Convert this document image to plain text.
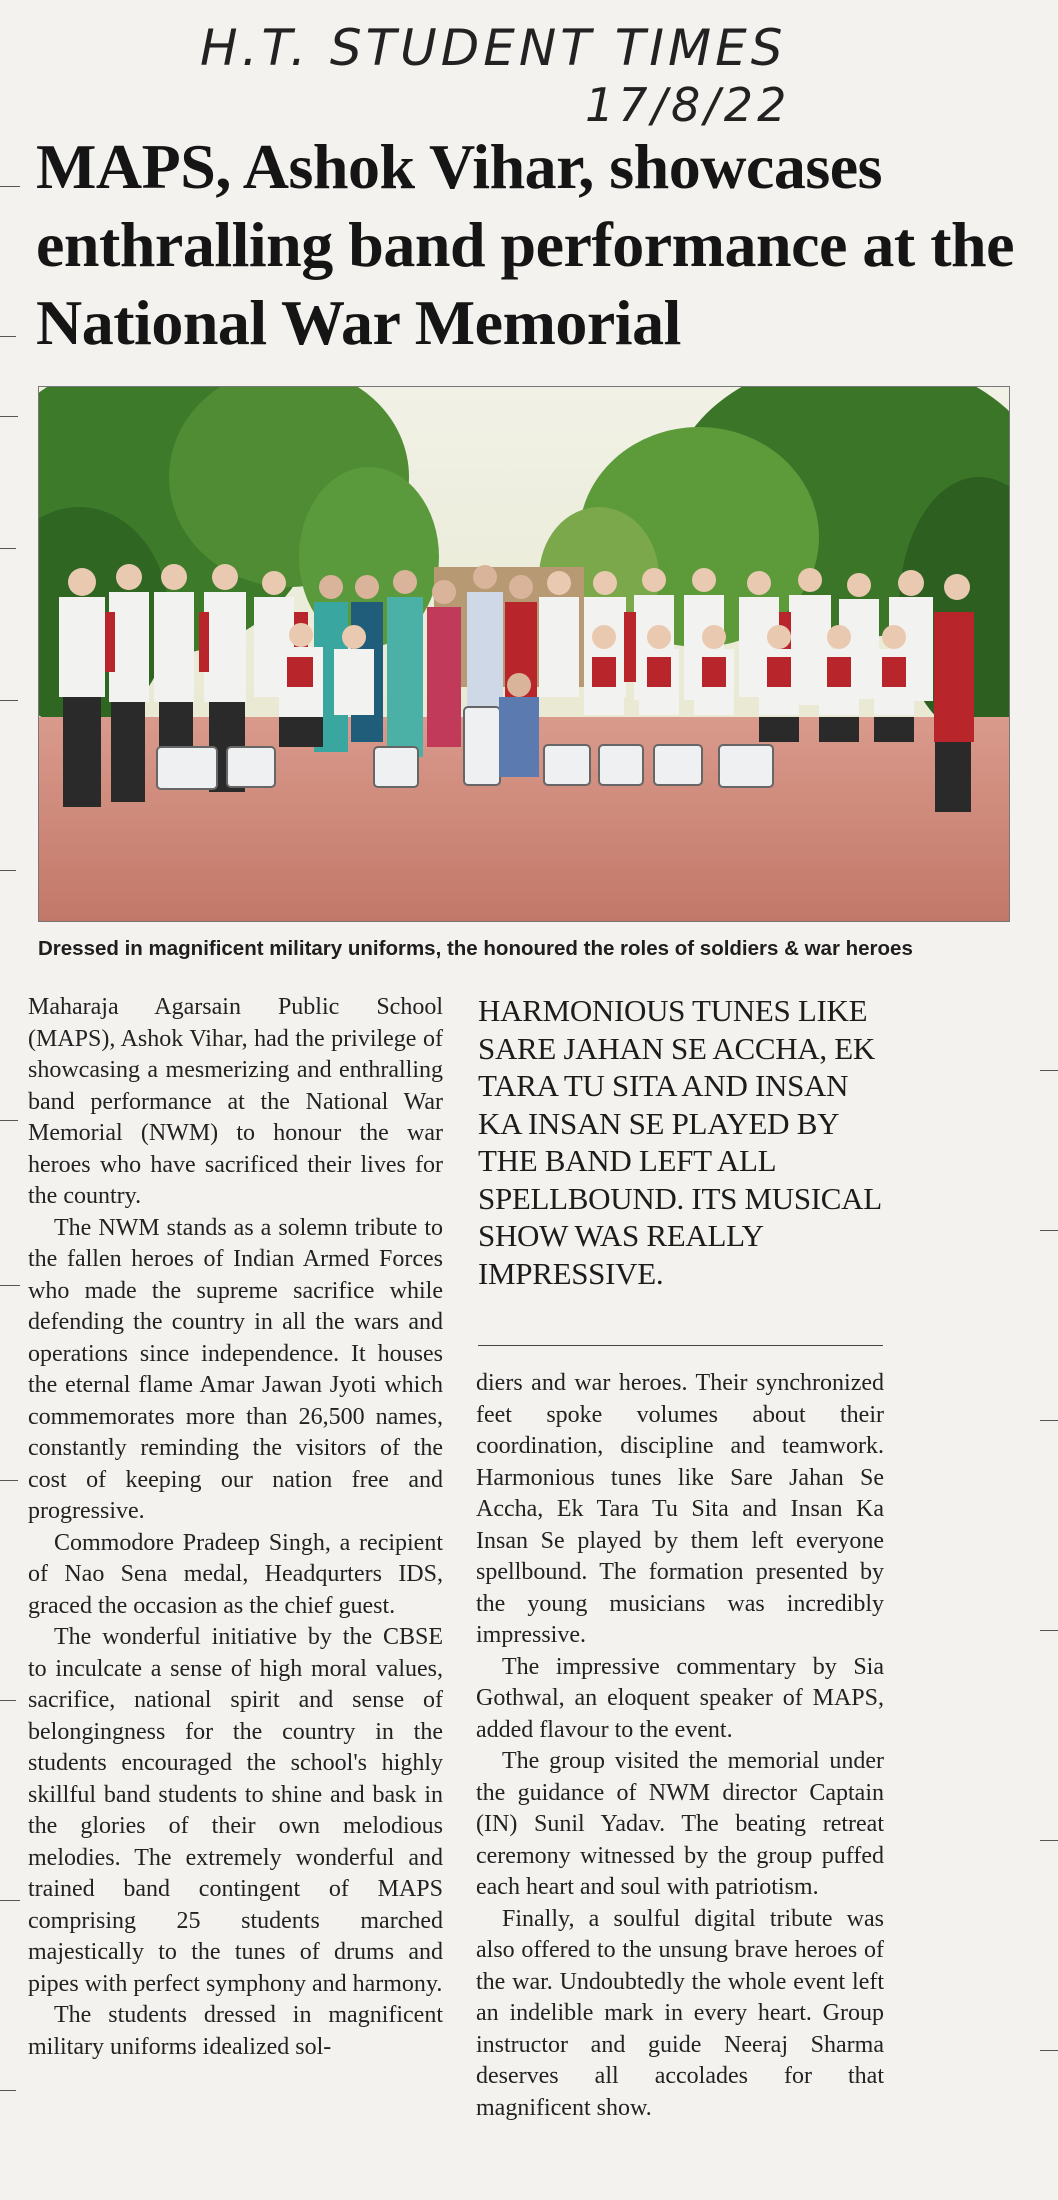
H.T. STUDENT TIMES
17/8/22
MAPS, Ashok Vihar, showcases enthralling band performance at the National War Memorial

Dressed in magnificent military uniforms, the honoured the roles of soldiers & war heroes

Maharaja Agarsain Public School (MAPS), Ashok Vihar, had the privilege of showcasing a mesmerizing and enthralling band performance at the National War Memorial (NWM) to honour the war heroes who have sacrificed their lives for the country.

The NWM stands as a solemn tribute to the fallen heroes of Indian Armed Forces who made the supreme sacrifice while defending the country in all the wars and operations since independence. It houses the eternal flame Amar Jawan Jyoti which commemorates more than 26,500 names, constantly reminding the visitors of the cost of keeping our nation free and progressive.

Commodore Pradeep Singh, a recipient of Nao Sena medal, Headqurters IDS, graced the occasion as the chief guest.

The wonderful initiative by the CBSE to inculcate a sense of high moral values, sacrifice, national spirit and sense of belongingness for the country in the students encouraged the school's highly skillful band students to shine and bask in the glories of their own melodious melodies. The extremely wonderful and trained band contingent of MAPS comprising 25 students marched majestically to the tunes of drums and pipes with perfect symphony and harmony.

The students dressed in magnificent military uniforms idealized sol-

HARMONIOUS TUNES LIKE SARE JAHAN SE ACCHA, EK TARA TU SITA AND INSAN KA INSAN SE PLAYED BY THE BAND LEFT ALL SPELLBOUND. ITS MUSICAL SHOW WAS REALLY IMPRESSIVE.

diers and war heroes. Their synchronized feet spoke volumes about their coordination, discipline and teamwork. Harmonious tunes like Sare Jahan Se Accha, Ek Tara Tu Sita and Insan Ka Insan Se played by them left everyone spellbound. The formation presented by the young musicians was incredibly impressive.

The impressive commentary by Sia Gothwal, an eloquent speaker of MAPS, added flavour to the event.

The group visited the memorial under the guidance of NWM director Captain (IN) Sunil Yadav. The beating retreat ceremony witnessed by the group puffed each heart and soul with patriotism.

Finally, a soulful digital tribute was also offered to the unsung brave heroes of the war. Undoubtedly the whole event left an indelible mark in every heart. Group instructor and guide Neeraj Sharma deserves all accolades for that magnificent show.
